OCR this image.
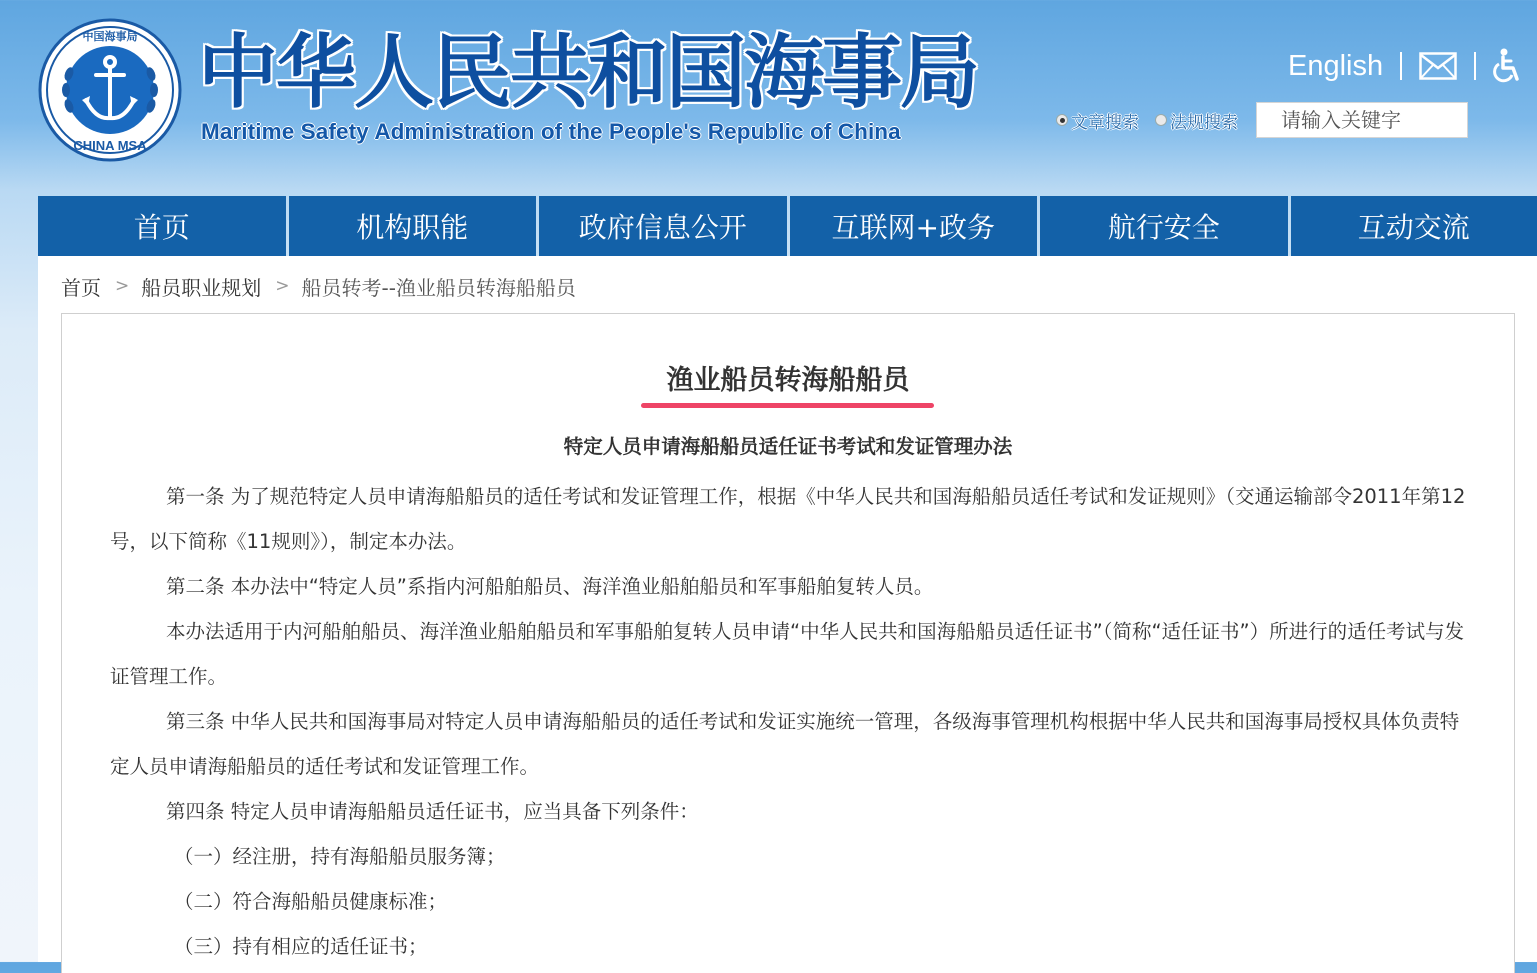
CHINA MSA
中国海事局 中华人民共和国海事局
Maritime Safety Administration of the People's Republic of China
English
文章搜索 法规搜索
请输入关键字
首页	机构职能	政府信息公开	互联网+政务	航行安全	互动交流
首页 > 船员职业规划 > 船员转考--渔业船员转海船船员
渔业船员转海船船员
特定人员申请海船船员适任证书考试和发证管理办法

第一条 为了规范特定人员申请海船船员的适任考试和发证管理工作，根据《中华人民共和国海船船员适任考试和发证规则》（交通运输部令2011年第12号，以下简称《11规则》），制定本办法。

第二条 本办法中“特定人员”系指内河船舶船员、海洋渔业船舶船员和军事船舶复转人员。

本办法适用于内河船舶船员、海洋渔业船舶船员和军事船舶复转人员申请“中华人民共和国海船船员适任证书”（简称“适任证书”）所进行的适任考试与发证管理工作。

第三条 中华人民共和国海事局对特定人员申请海船船员的适任考试和发证实施统一管理，各级海事管理机构根据中华人民共和国海事局授权具体负责特定人员申请海船船员的适任考试和发证管理工作。

第四条 特定人员申请海船船员适任证书，应当具备下列条件：

（一）经注册，持有海船船员服务簿；

（二）符合海船船员健康标准；

（三）持有相应的适任证书；
